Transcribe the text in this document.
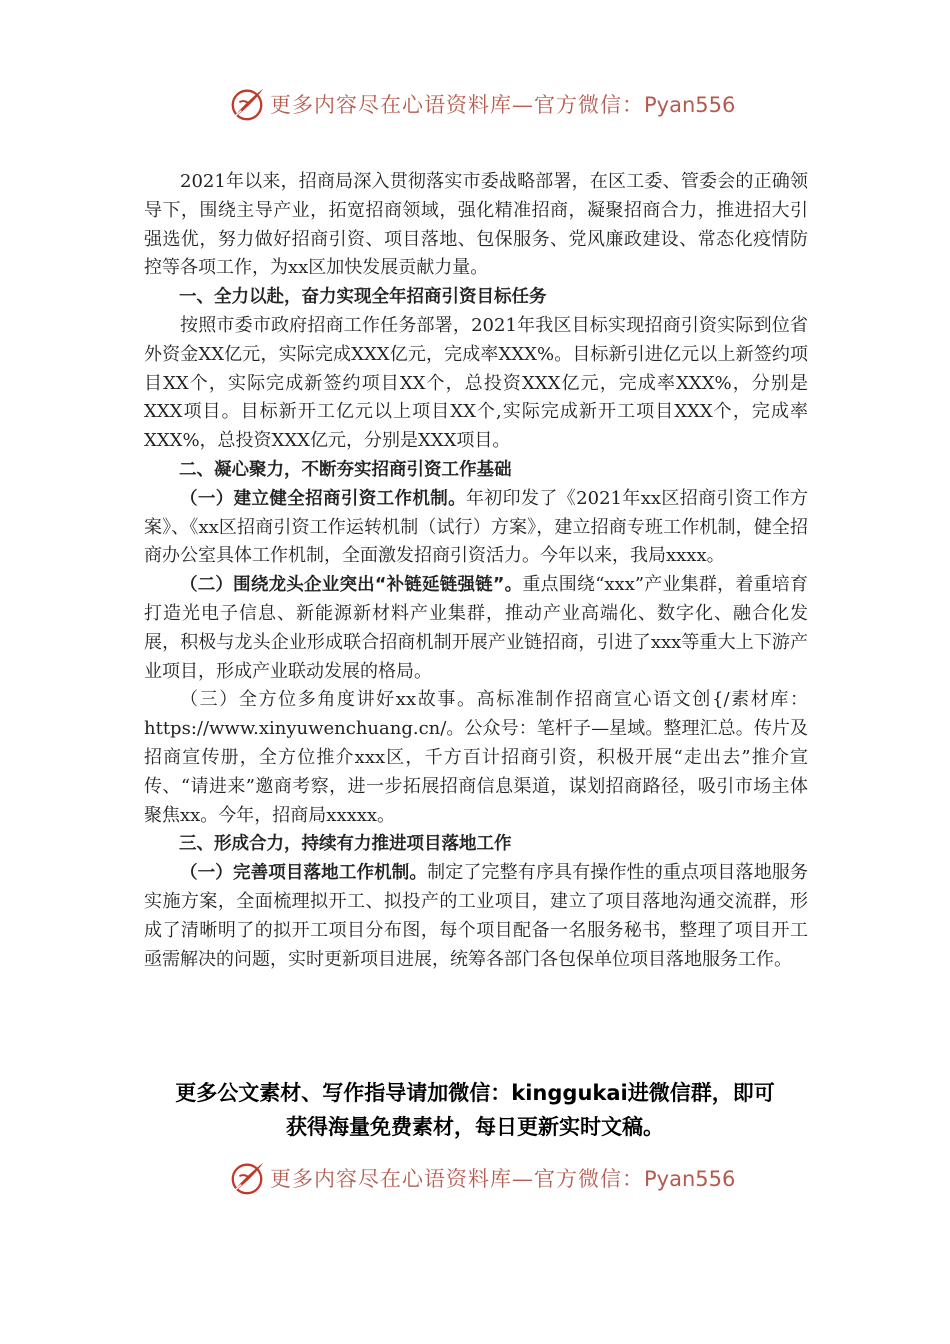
更多内容尽在心语资料库—官方微信：Pyan556

2021年以来，招商局深入贯彻落实市委战略部署，在区工委、管委会的正确领导下，围绕主导产业，拓宽招商领域，强化精准招商，凝聚招商合力，推进招大引强选优，努力做好招商引资、项目落地、包保服务、党风廉政建设、常态化疫情防控等各项工作，为xx区加快发展贡献力量。

一、全力以赴，奋力实现全年招商引资目标任务

按照市委市政府招商工作任务部署，2021年我区目标实现招商引资实际到位省外资金XX亿元，实际完成XXX亿元，完成率XXX%。目标新引进亿元以上新签约项目XX个，实际完成新签约项目XX个，总投资XXX亿元，完成率XXX%，分别是XXX项目。目标新开工亿元以上项目XX个,实际完成新开工项目XXX个，完成率XXX%，总投资XXX亿元，分别是XXX项目。

二、凝心聚力，不断夯实招商引资工作基础

（一）建立健全招商引资工作机制。年初印发了《2021年xx区招商引资工作方案》、《xx区招商引资工作运转机制（试行）方案》，建立招商专班工作机制，健全招商办公室具体工作机制，全面激发招商引资活力。今年以来，我局xxxx。

（二）围绕龙头企业突出“补链延链强链”。重点围绕“xxx”产业集群，着重培育打造光电子信息、新能源新材料产业集群，推动产业高端化、数字化、融合化发展，积极与龙头企业形成联合招商机制开展产业链招商，引进了xxx等重大上下游产业项目，形成产业联动发展的格局。

（三）全方位多角度讲好xx故事。高标准制作招商宣心语文创{/素材库：https://www.xinyuwenchuang.cn/。公众号：笔杆子—星域。整理汇总。传片及招商宣传册，全方位推介xxx区，千方百计招商引资，积极开展“走出去”推介宣传、“请进来”邀商考察，进一步拓展招商信息渠道，谋划招商路径，吸引市场主体聚焦xx。今年，招商局xxxxx。

三、形成合力，持续有力推进项目落地工作

（一）完善项目落地工作机制。制定了完整有序具有操作性的重点项目落地服务实施方案，全面梳理拟开工、拟投产的工业项目，建立了项目落地沟通交流群，形成了清晰明了的拟开工项目分布图，每个项目配备一名服务秘书，整理了项目开工亟需解决的问题，实时更新项目进展，统筹各部门各包保单位项目落地服务工作。

更多公文素材、写作指导请加微信：kinggukai进微信群，即可
获得海量免费素材，每日更新实时文稿。
更多内容尽在心语资料库—官方微信：Pyan556
